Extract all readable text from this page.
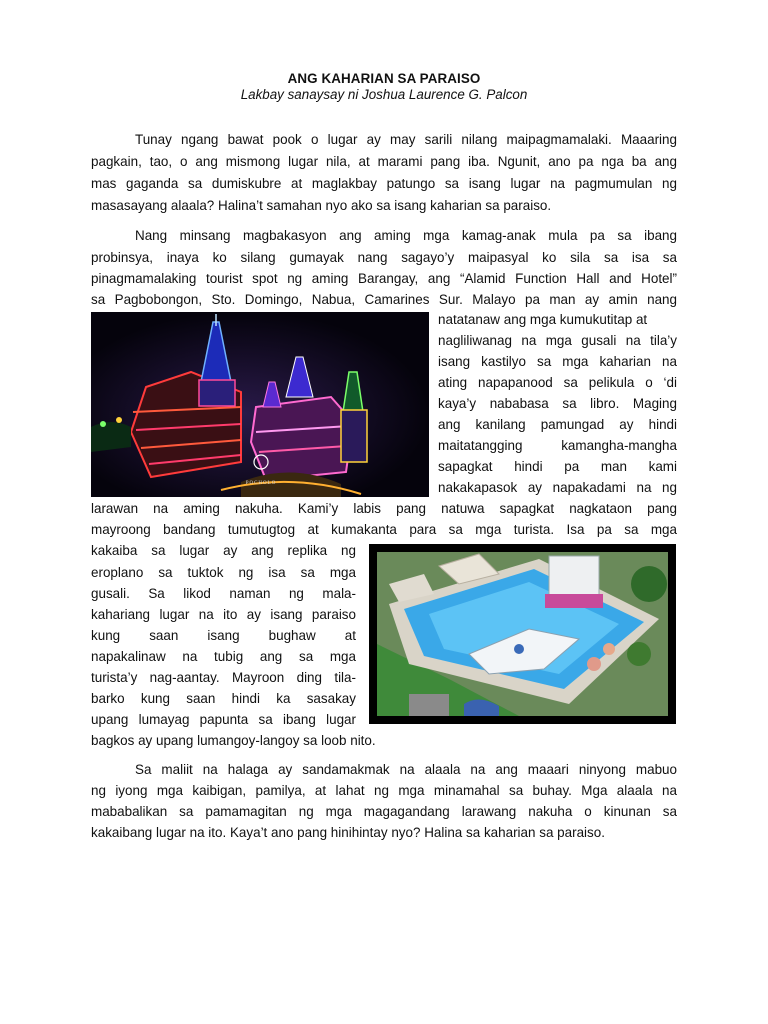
ANG KAHARIAN SA PARAISO

Lakbay sanaysay ni Joshua Laurence G. Palcon

Tunay ngang bawat pook o lugar ay may sarili nilang maipagmamalaki. Maaaring

pagkain, tao, o ang mismong lugar nila, at marami pang iba. Ngunit, ano pa nga ba ang

mas gaganda sa dumiskubre at maglakbay patungo sa isang lugar na pagmumulan ng

masasayang alaala? Halina’t samahan nyo ako sa isang kaharian sa paraiso.

Nang minsang magbakasyon ang aming mga kamag-anak mula pa sa ibang

probinsya, inaya ko silang gumayak nang sagayo’y maipasyal ko sila sa isa sa

pinagmamalaking tourist spot ng aming Barangay, ang “Alamid Function Hall and Hotel”

sa Pagbobongon, Sto. Domingo, Nabua, Camarines Sur. Malayo pa man ay amin nang

POCHOLO

natatanaw ang mga kumukutitap at

nagliliwanag na mga gusali na tila’y

isang kastilyo sa mga kaharian na

ating napapanood sa pelikula o ‘di

kaya’y nababasa sa libro. Maging

ang kanilang pamungad ay hindi

maitatangging kamangha-mangha

sapagkat hindi pa man kami

nakakapasok ay napakadami na ng

larawan na aming nakuha. Kami’y labis pang natuwa sapagkat nagkataon pang

mayroong bandang tumutugtog at kumakanta para sa mga turista. Isa pa sa mga

kakaiba sa lugar ay ang replika ng

eroplano sa tuktok ng isa sa mga

gusali. Sa likod naman ng mala-

kahariang lugar na ito ay isang paraiso

kung saan isang bughaw at

napakalinaw na tubig ang sa mga

turista’y nag-aantay. Mayroon ding tila-

barko kung saan hindi ka sasakay

upang lumayag papunta sa ibang lugar

bagkos ay upang lumangoy-langoy sa loob nito.

Sa maliit na halaga ay sandamakmak na alaala na ang maaari ninyong mabuo

ng iyong mga kaibigan, pamilya, at lahat ng mga minamahal sa buhay. Mga alaala na

mababalikan sa pamamagitan ng mga magagandang larawang nakuha o kinunan sa

kakaibang lugar na ito. Kaya’t ano pang hinihintay nyo? Halina sa kaharian sa paraiso.
